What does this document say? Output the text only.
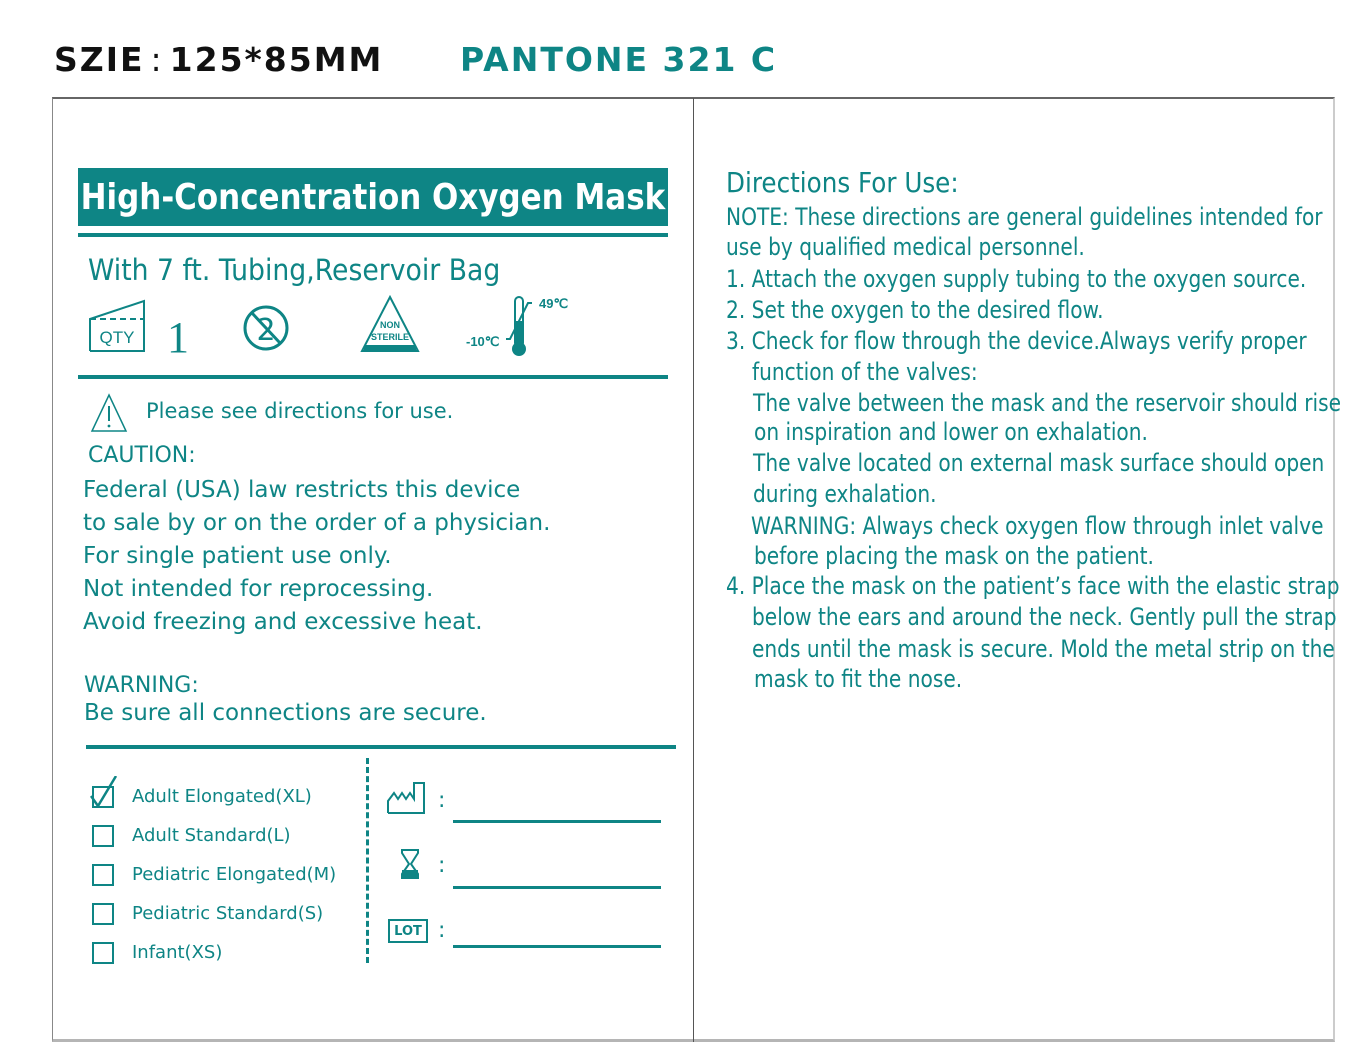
SZIE : 125*85MM PANTONE 321 C
High-Concentration Oxygen Mask
With 7 ft. Tubing,Reservoir Bag
QTY 1 2	NON
STERILE	-10℃
49℃
Please see directions for use.
CAUTION:
Federal (USA) law restricts this device
to sale by or on the order of a physician.
For single patient use only.
Not intended for reprocessing.
Avoid freezing and excessive heat.
WARNING:
Be sure all connections are secure.
Adult Elongated(XL)
Adult Standard(L)
Pediatric Elongated(M)
Pediatric Standard(S)
Infant(XS)
:
:
LOT :
Directions For Use:
NOTE: These directions are general guidelines intended for
use by qualified medical personnel.
1. Attach the oxygen supply tubing to the oxygen source.
2. Set the oxygen to the desired flow.
3. Check for flow through the device.Always verify proper
function of the valves:
The valve between the mask and the reservoir should rise
on inspiration and lower on exhalation.
The valve located on external mask surface should open
during exhalation.
WARNING: Always check oxygen flow through inlet valve
before placing the mask on the patient.
4. Place the mask on the patient’s face with the elastic strap
below the ears and around the neck. Gently pull the strap
ends until the mask is secure. Mold the metal strip on the
mask to fit the nose.
